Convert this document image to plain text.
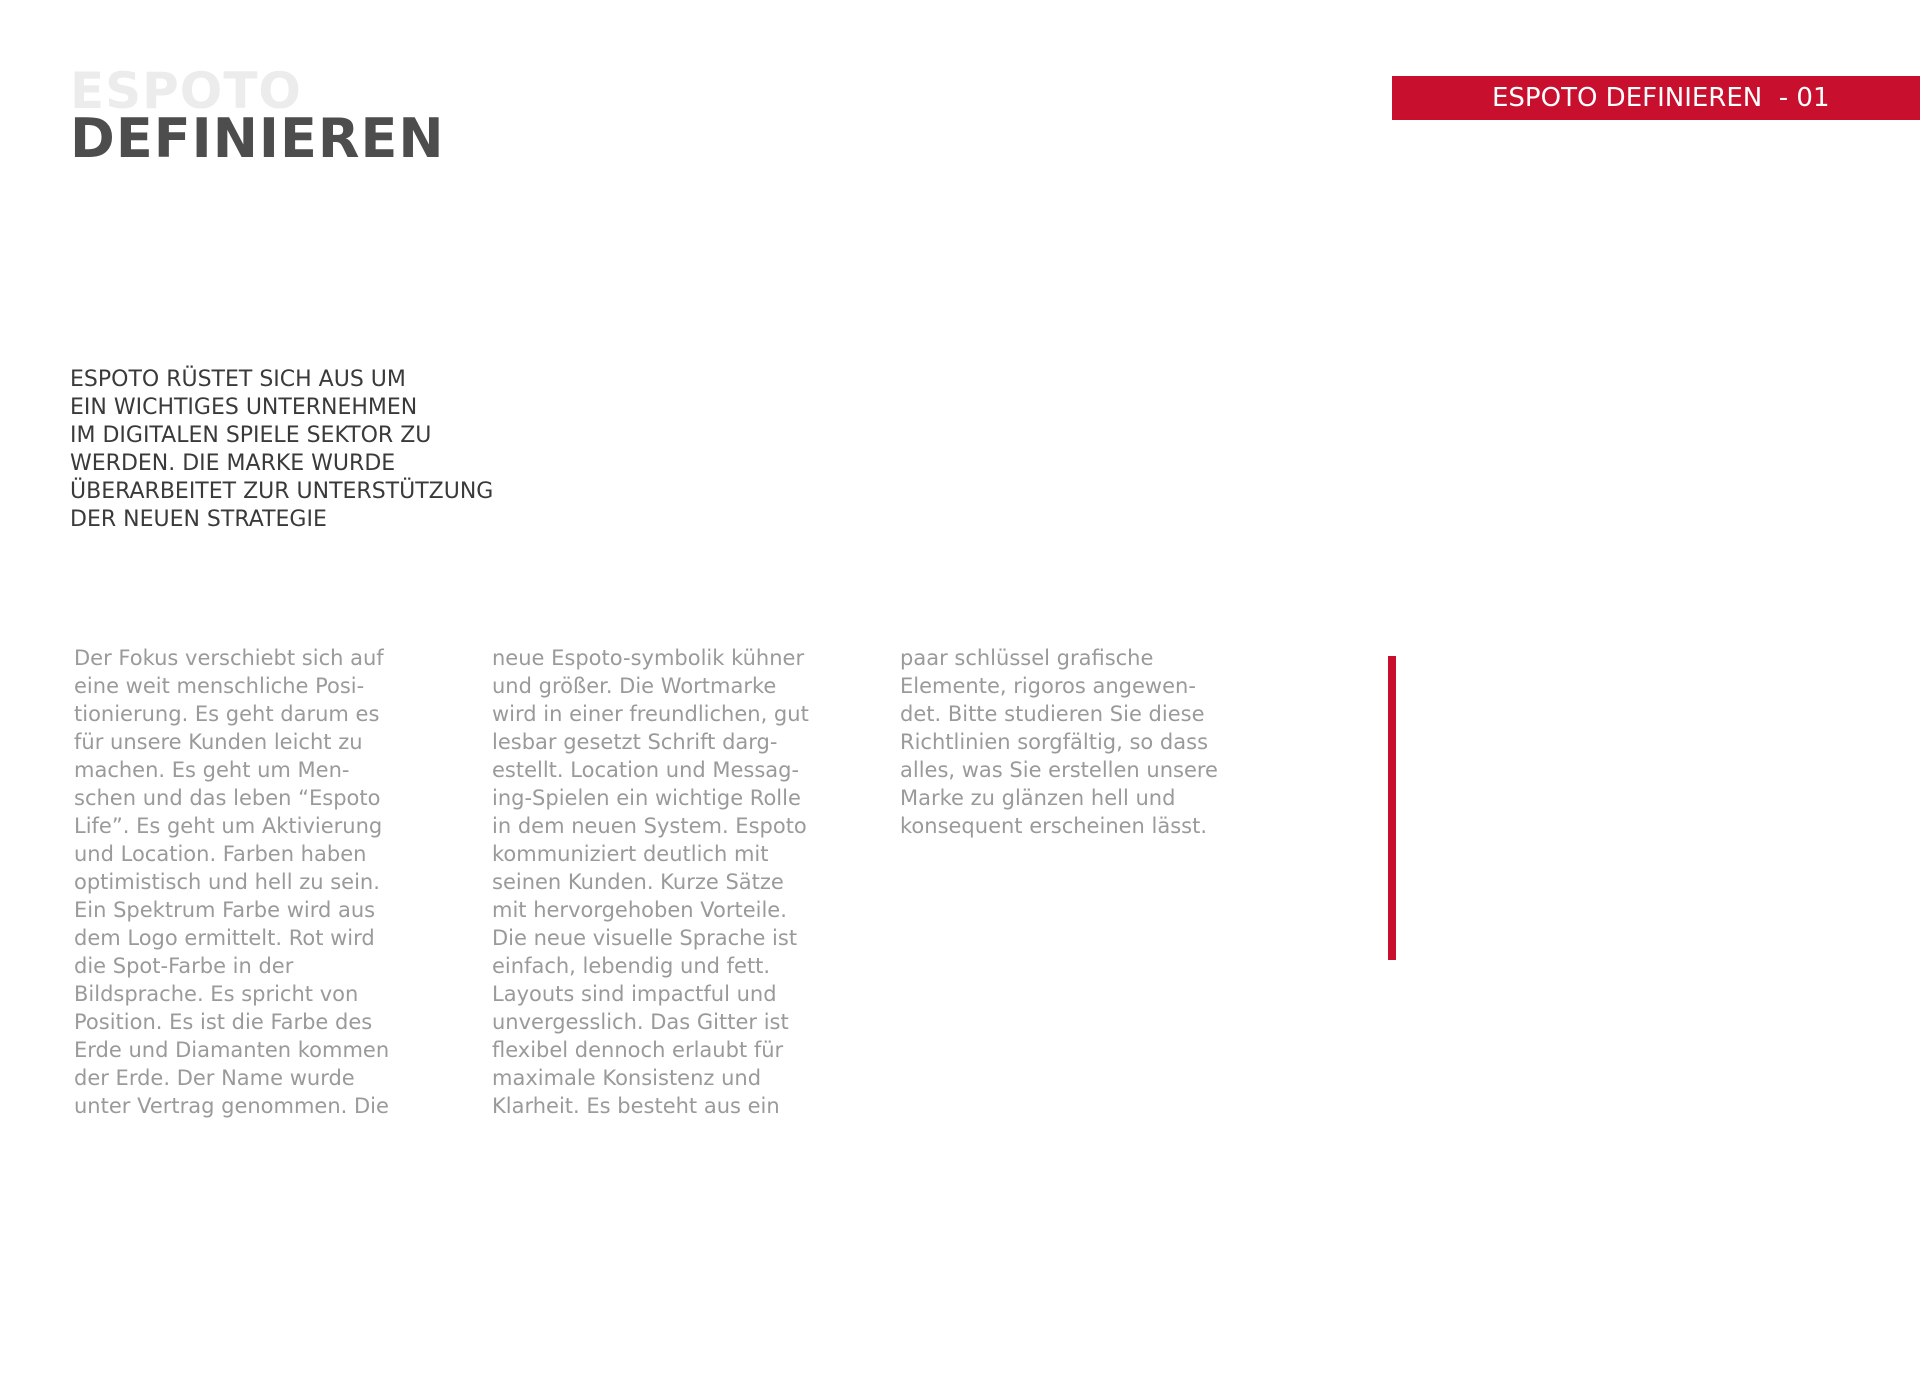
ESPOTO
DEFINIEREN
ESPOTO DEFINIEREN  - 01
ESPOTO RÜSTET SICH AUS UM
EIN WICHTIGES UNTERNEHMEN
IM DIGITALEN SPIELE SEKTOR ZU
WERDEN. DIE MARKE WURDE
ÜBERARBEITET ZUR UNTERSTÜTZUNG
DER NEUEN STRATEGIE
Der Fokus verschiebt sich auf
eine weit menschliche Posi-
tionierung. Es geht darum es
für unsere Kunden leicht zu
machen. Es geht um Men-
schen und das leben “Espoto
Life”. Es geht um Aktivierung
und Location. Farben haben
optimistisch und hell zu sein.
Ein Spektrum Farbe wird aus
dem Logo ermittelt. Rot wird
die Spot-Farbe in der
Bildsprache. Es spricht von
Position. Es ist die Farbe des
Erde und Diamanten kommen
der Erde. Der Name wurde
unter Vertrag genommen. Die
neue Espoto-symbolik kühner
und größer. Die Wortmarke
wird in einer freundlichen, gut
lesbar gesetzt Schrift darg-
estellt. Location und Messag-
ing-Spielen ein wichtige Rolle
in dem neuen System. Espoto
kommuniziert deutlich mit
seinen Kunden. Kurze Sätze
mit hervorgehoben Vorteile.
Die neue visuelle Sprache ist
einfach, lebendig und fett.
Layouts sind impactful und
unvergesslich. Das Gitter ist
flexibel dennoch erlaubt für
maximale Konsistenz und
Klarheit. Es besteht aus ein
paar schlüssel grafische
Elemente, rigoros angewen-
det. Bitte studieren Sie diese
Richtlinien sorgfältig, so dass
alles, was Sie erstellen unsere
Marke zu glänzen hell und
konsequent erscheinen lässt.
